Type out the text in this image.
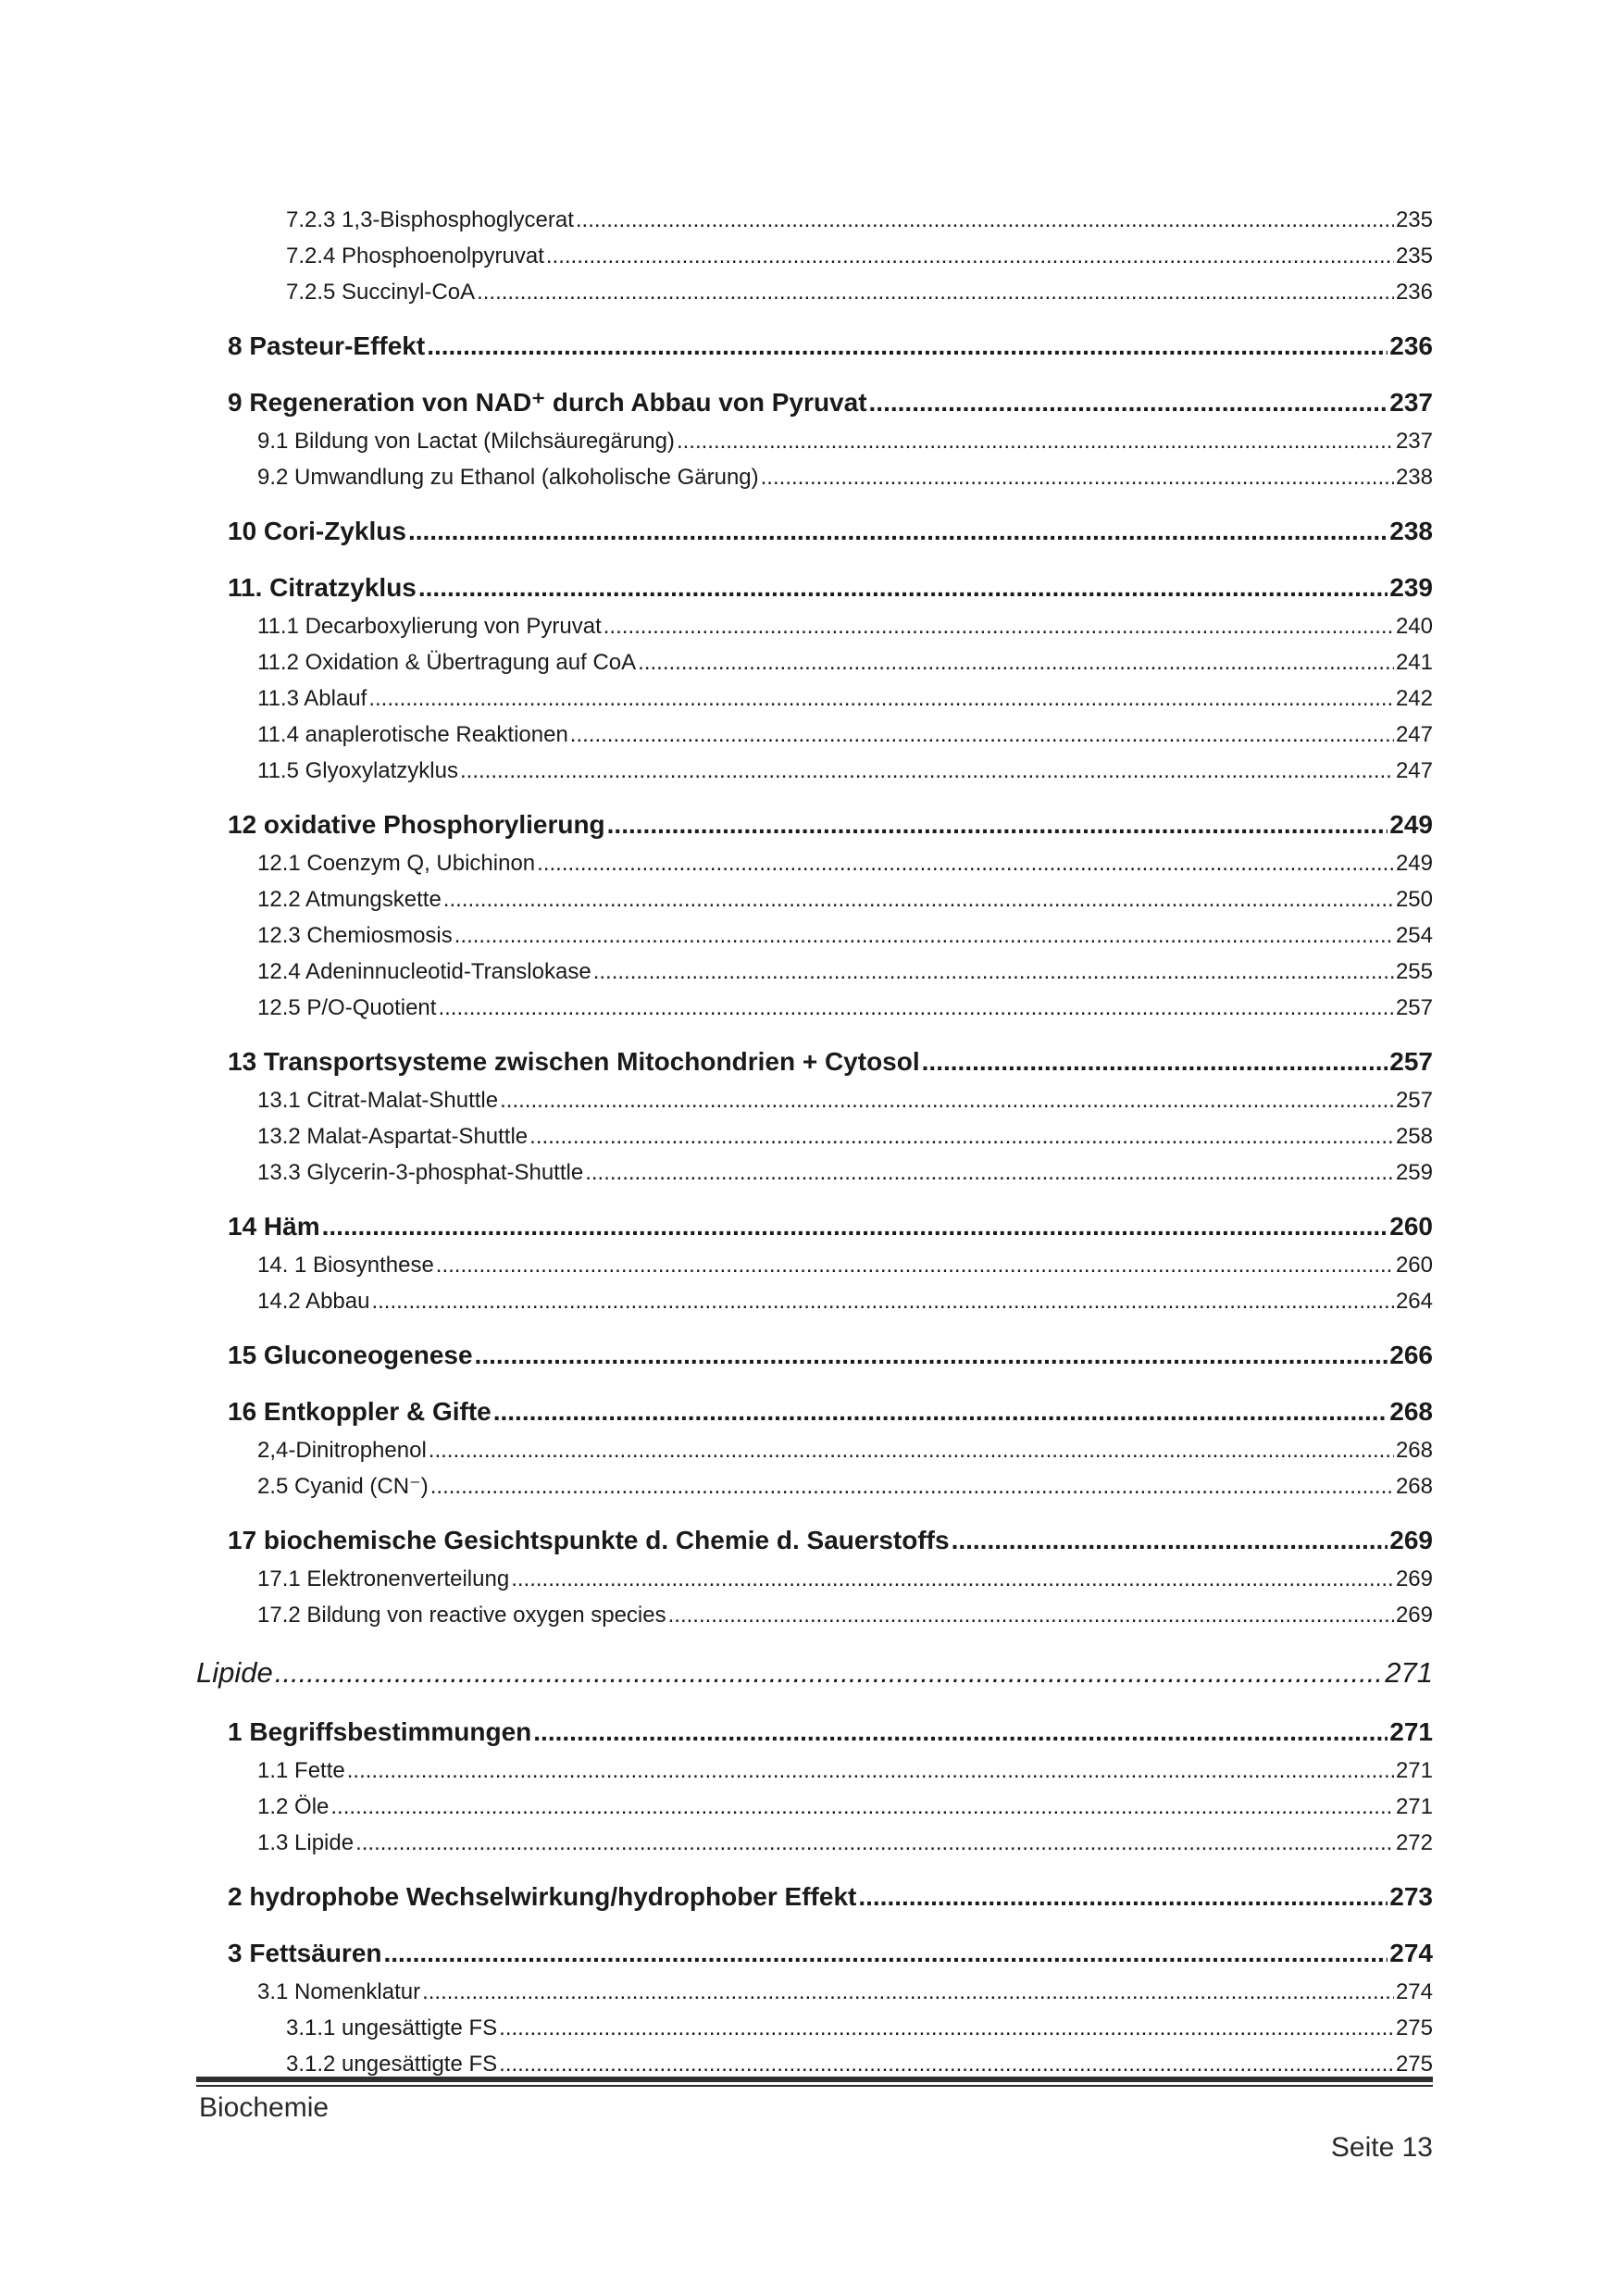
7.2.3 1,3-Bisphosphoglycerat .....	235
7.2.4 Phosphoenolpyruvat .....	235
7.2.5 Succinyl-CoA .....	236
8 Pasteur-Effekt .....	236
9 Regeneration von NAD⁺ durch Abbau von Pyruvat .....	237
9.1 Bildung von Lactat (Milchsäuregärung) .....	237
9.2 Umwandlung zu Ethanol (alkoholische Gärung) .....	238
10 Cori-Zyklus .....	238
11. Citratzyklus .....	239
11.1 Decarboxylierung von Pyruvat .....	240
11.2 Oxidation & Übertragung auf CoA .....	241
11.3 Ablauf .....	242
11.4 anaplerotische Reaktionen .....	247
11.5 Glyoxylatzyklus .....	247
12 oxidative Phosphorylierung .....	249
12.1 Coenzym Q, Ubichinon .....	249
12.2 Atmungskette .....	250
12.3 Chemiosmosis .....	254
12.4 Adeninnucleotid-Translokase .....	255
12.5 P/O-Quotient .....	257
13 Transportsysteme zwischen Mitochondrien + Cytosol .....	257
13.1 Citrat-Malat-Shuttle .....	257
13.2 Malat-Aspartat-Shuttle .....	258
13.3 Glycerin-3-phosphat-Shuttle .....	259
14 Häm .....	260
14. 1 Biosynthese .....	260
14.2 Abbau .....	264
15 Gluconeogenese .....	266
16 Entkoppler & Gifte .....	268
2,4-Dinitrophenol .....	268
2.5 Cyanid (CN⁻) .....	268
17 biochemische Gesichtspunkte d. Chemie d. Sauerstoffs .....	269
17.1 Elektronenverteilung .....	269
17.2 Bildung von reactive oxygen species .....	269
Lipide .....	271
1 Begriffsbestimmungen .....	271
1.1 Fette .....	271
1.2 Öle .....	271
1.3 Lipide .....	272
2 hydrophobe Wechselwirkung/hydrophober Effekt .....	273
3 Fettsäuren .....	274
3.1 Nomenklatur .....	274
3.1.1 ungesättigte FS .....	275
3.1.2 ungesättigte FS .....	275
Biochemie
Seite 13
